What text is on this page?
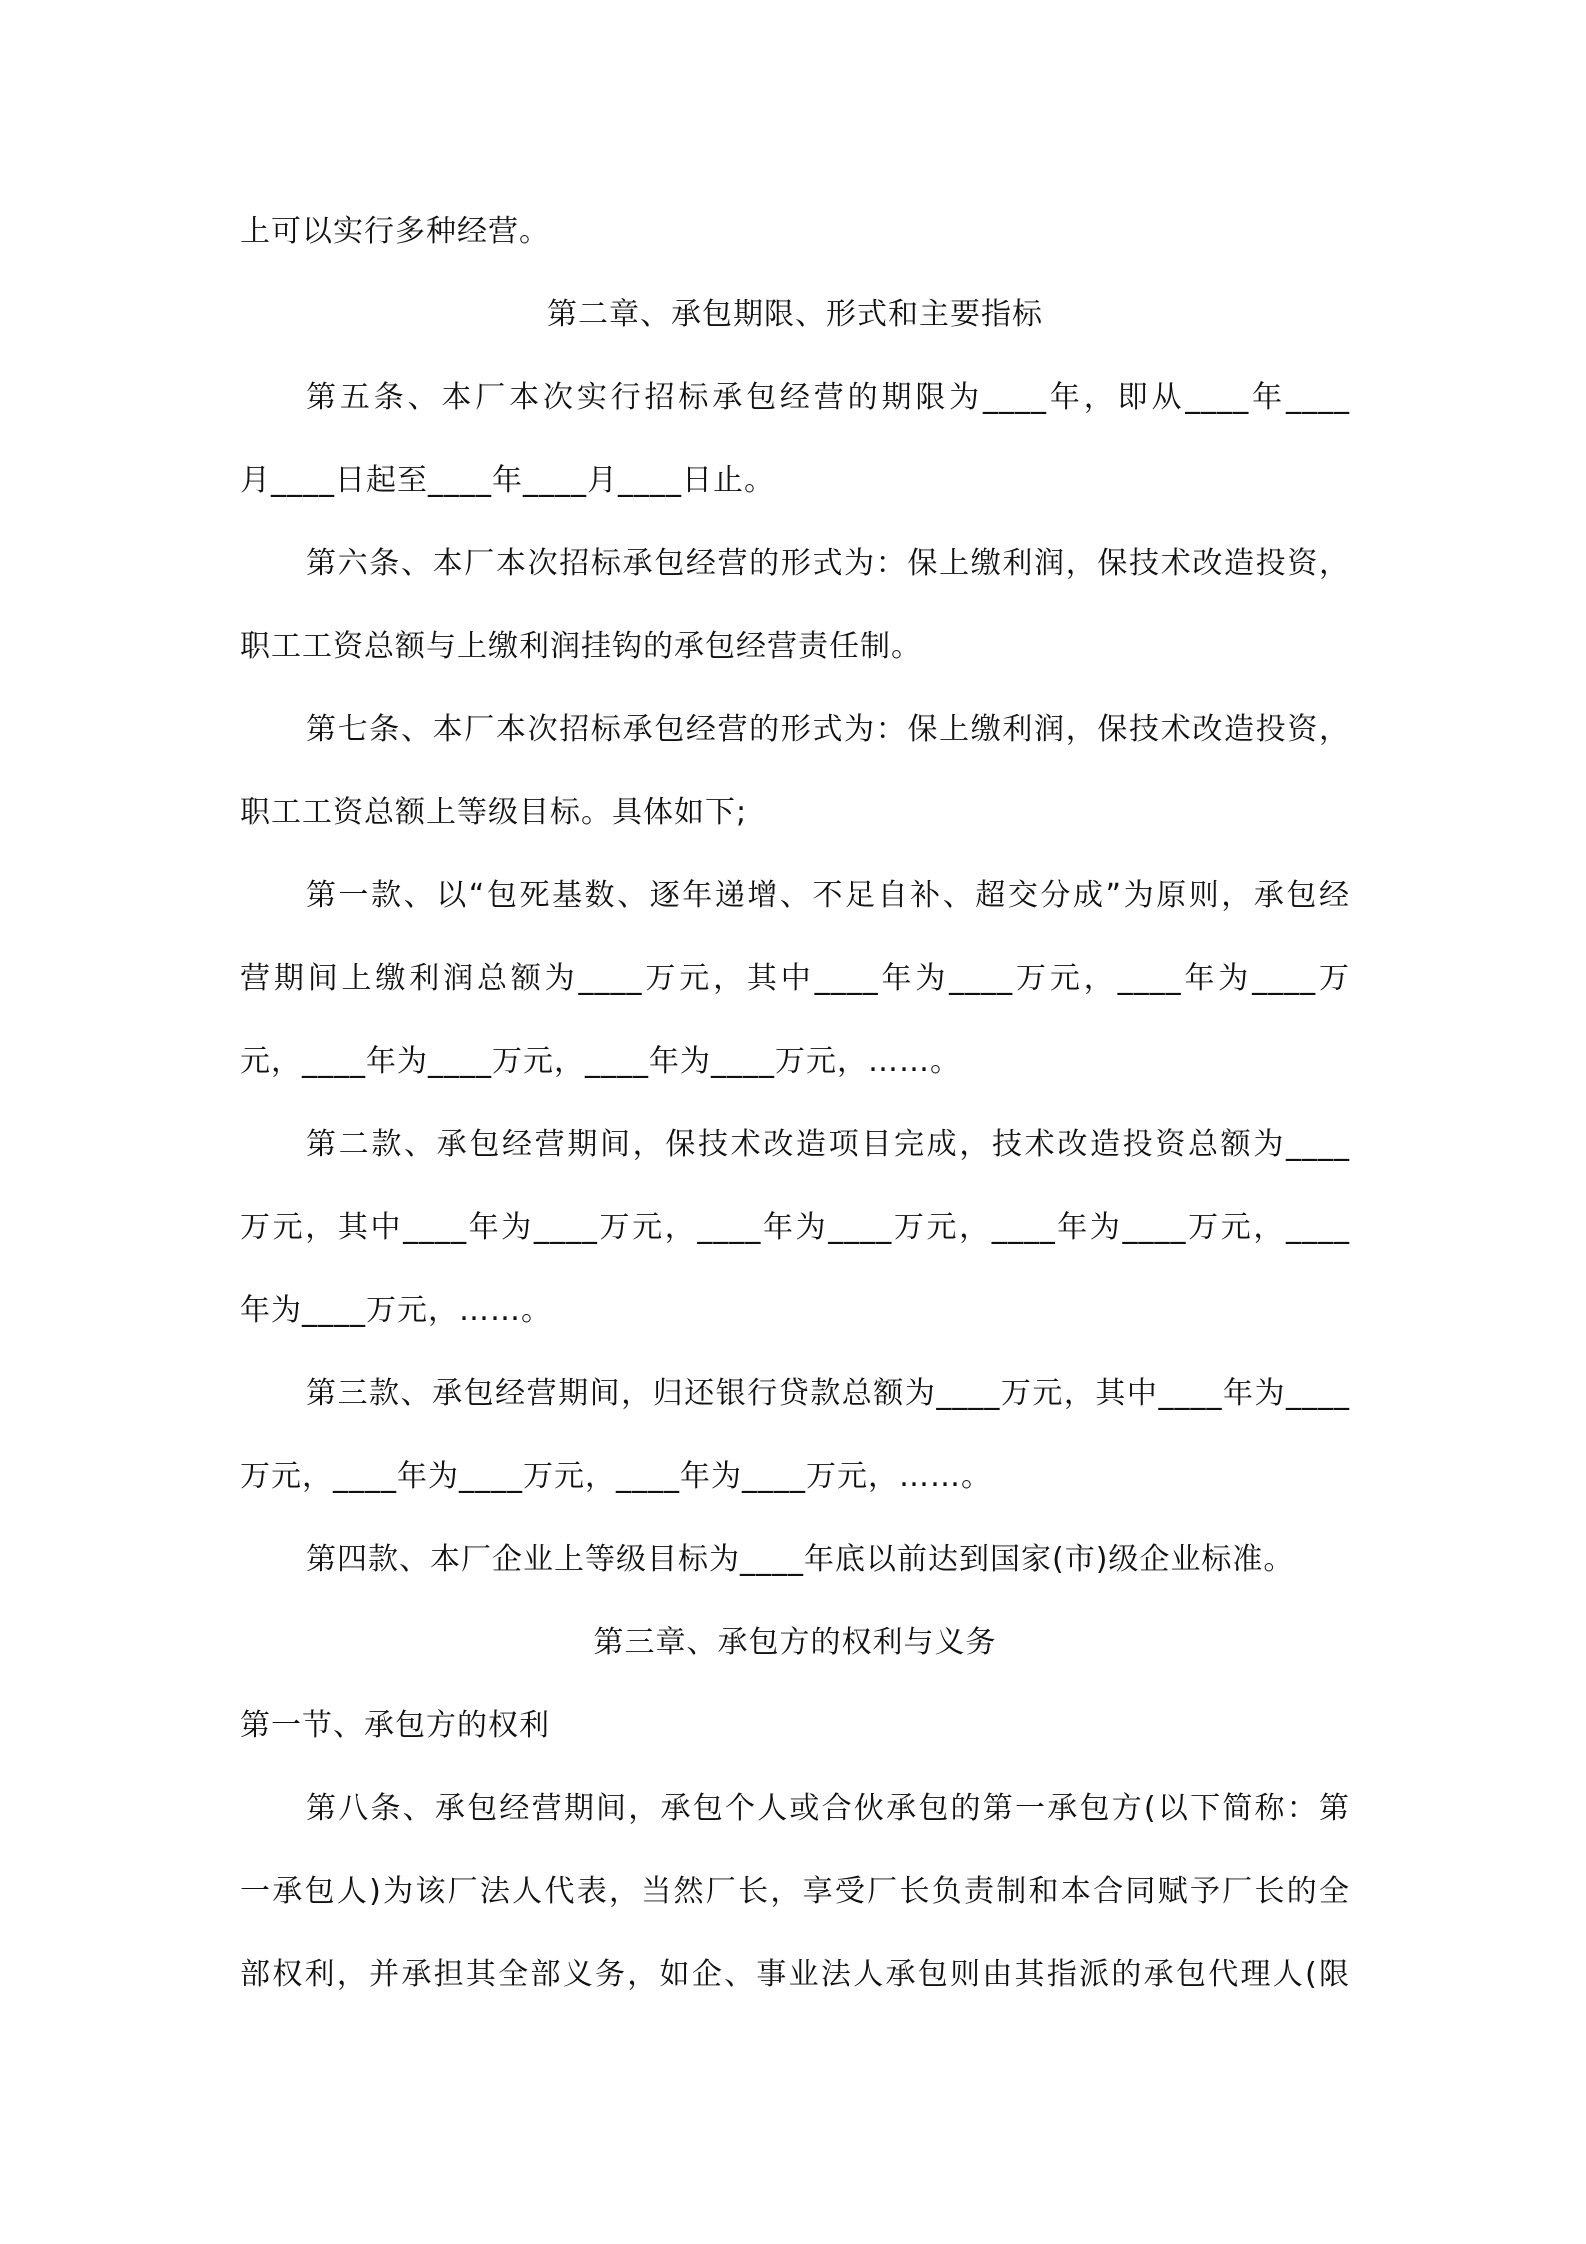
上可以实行多种经营。
第二章、承包期限、形式和主要指标
第五条、本厂本次实行招标承包经营的期限为____年，即从____年____
月____日起至____年____月____日止。
第六条、本厂本次招标承包经营的形式为：保上缴利润，保技术改造投资，
职工工资总额与上缴利润挂钩的承包经营责任制。
第七条、本厂本次招标承包经营的形式为：保上缴利润，保技术改造投资，
职工工资总额上等级目标。具体如下;
第一款、以“包死基数、逐年递增、不足自补、超交分成”为原则，承包经
营期间上缴利润总额为____万元，其中____年为____万元，____年为____万
元，____年为____万元，____年为____万元，……。
第二款、承包经营期间，保技术改造项目完成，技术改造投资总额为____
万元，其中____年为____万元，____年为____万元，____年为____万元，____
年为____万元，……。
第三款、承包经营期间，归还银行贷款总额为____万元，其中____年为____
万元，____年为____万元，____年为____万元，……。
第四款、本厂企业上等级目标为____年底以前达到国家(市)级企业标准。
第三章、承包方的权利与义务
第一节、承包方的权利
第八条、承包经营期间，承包个人或合伙承包的第一承包方(以下简称：第
一承包人)为该厂法人代表，当然厂长，享受厂长负责制和本合同赋予厂长的全
部权利，并承担其全部义务，如企、事业法人承包则由其指派的承包代理人(限
